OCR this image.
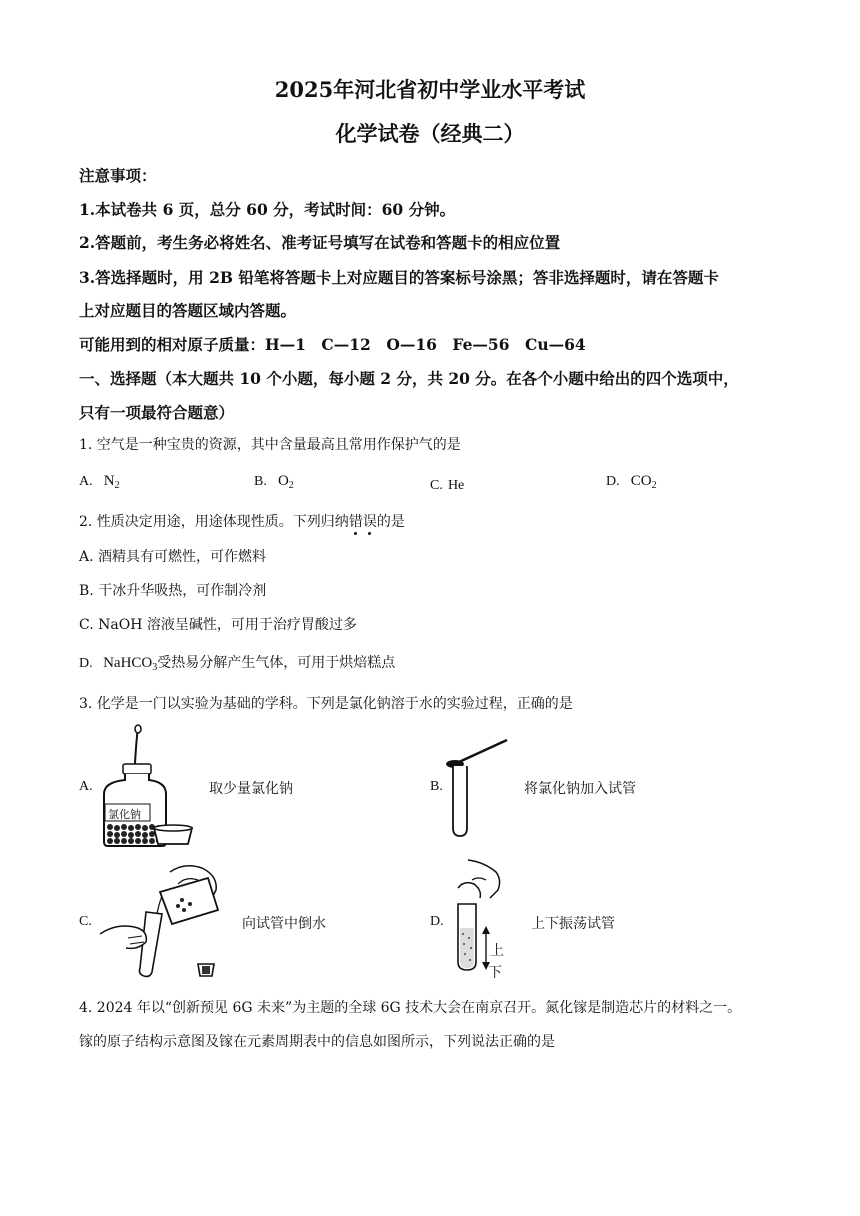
2025年河北省初中学业水平考试
化学试卷（经典二）
注意事项：
1.本试卷共 6 页，总分 60 分，考试时间：60 分钟。
2.答题前，考生务必将姓名、准考证号填写在试卷和答题卡的相应位置
3.答选择题时，用 2B 铅笔将答题卡上对应题目的答案标号涂黑；答非选择题时，请在答题卡
上对应题目的答题区域内答题。
可能用到的相对原子质量：H—1　C—12　O—16　Fe—56　Cu—64
一、选择题（本大题共 10 个小题，每小题 2 分，共 20 分。在各个小题中给出的四个选项中，
只有一项最符合题意）
1. 空气是一种宝贵的资源，其中含量最高且常用作保护气的是
A. $N_2$	B. $O_2$	C. He	D. $CO_2$
2. 性质决定用途，用途体现性质。下列归纳错误的是
A. 酒精具有可燃性，可作燃料
B. 干冰升华吸热，可作制冷剂
C. NaOH 溶液呈碱性，可用于治疗胃酸过多
D. NaHCO$_3$受热易分解产生气体，可用于烘焙糕点
3. 化学是一门以实验为基础的学科。下列是氯化钠溶于水的实验过程，正确的是
A.
氯化钠
取少量氯化钠	B.	将氯化钠加入试管
C.	向试管中倒水	D.
上
下
上下振荡试管
4. 2024 年以“创新预见 6G 未来”为主题的全球 6G 技术大会在南京召开。氮化镓是制造芯片的材料之一。
镓的原子结构示意图及镓在元素周期表中的信息如图所示，下列说法正确的是
